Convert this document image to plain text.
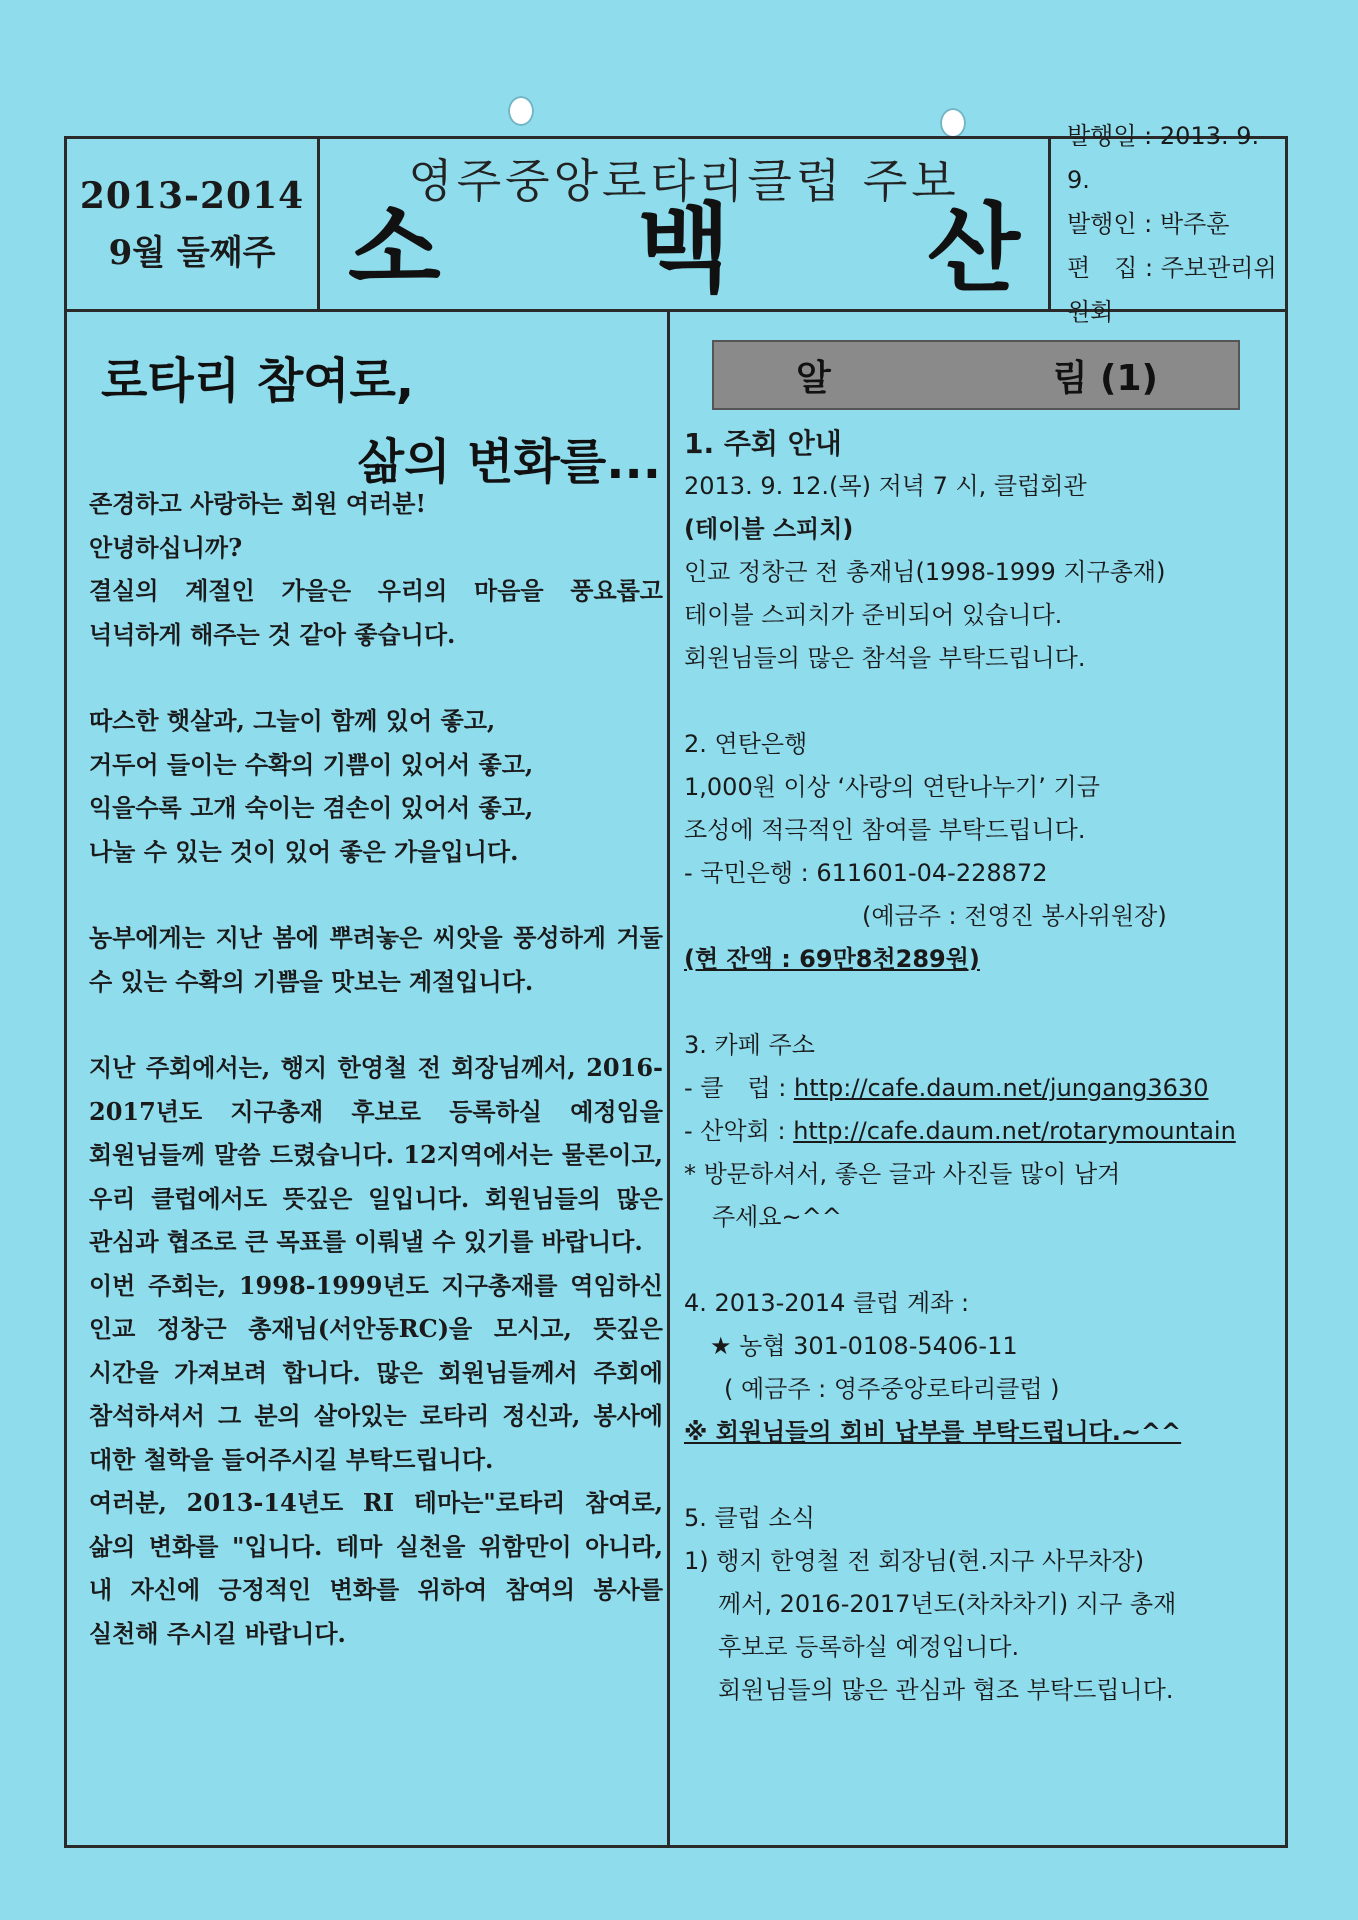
2013-2014
9월 둘째주
영주중앙로타리클럽 주보
소 백 산
발행일 : 2013. 9. 9.
발행인 : 박주훈
편　집 : 주보관리위원회
로타리 참여로,
삶의 변화를...

존경하고 사랑하는 회원 여러분!

안녕하십니까?

결실의 계절인 가을은 우리의 마음을 풍요롭고 넉넉하게 해주는 것 같아 좋습니다.

따스한 햇살과, 그늘이 함께 있어 좋고,

거두어 들이는 수확의 기쁨이 있어서 좋고,

익을수록 고개 숙이는 겸손이 있어서 좋고,

나눌 수 있는 것이 있어 좋은 가을입니다.

농부에게는 지난 봄에 뿌려놓은 씨앗을 풍성하게 거둘 수 있는 수확의 기쁨을 맛보는 계절입니다.

지난 주회에서는, 행지 한영철 전 회장님께서, 2016-2017년도 지구총재 후보로 등록하실 예정임을 회원님들께 말씀 드렸습니다. 12지역에서는 물론이고, 우리 클럽에서도 뜻깊은 일입니다. 회원님들의 많은 관심과 협조로 큰 목표를 이뤄낼 수 있기를 바랍니다.

이번 주회는, 1998-1999년도 지구총재를 역임하신 인교 정창근 총재님(서안동RC)을 모시고, 뜻깊은 시간을 가져보려 합니다. 많은 회원님들께서 주회에 참석하셔서 그 분의 살아있는 로타리 정신과, 봉사에 대한 철학을 들어주시길 부탁드립니다.

여러분, 2013-14년도 RI 테마는"로타리 참여로, 삶의 변화를 "입니다. 테마 실천을 위함만이 아니라, 내 자신에 긍정적인 변화를 위하여 참여의 봉사를 실천해 주시길 바랍니다.

알	림 (1)
1. 주회 안내
2013. 9. 12.(목) 저녁 7 시, 클럽회관
(테이블 스피치)
인교 정창근 전 총재님(1998-1999 지구총재)
테이블 스피치가 준비되어 있습니다.
회원님들의 많은 참석을 부탁드립니다.
2. 연탄은행
1,000원 이상 ‘사랑의 연탄나누기’ 기금
조성에 적극적인 참여를 부탁드립니다.
- 국민은행 : 611601-04-228872
(예금주 : 전영진 봉사위원장)
(현 잔액 : 69만8천289원)
3. 카페 주소
- 클　럽 : http://cafe.daum.net/jungang3630
- 산악회 : http://cafe.daum.net/rotarymountain
* 방문하셔서, 좋은 글과 사진들 많이 남겨
주세요~^^
4. 2013-2014 클럽 계좌 :
★ 농협 301-0108-5406-11
( 예금주 : 영주중앙로타리클럽 )
※ 회원님들의 회비 납부를 부탁드립니다.~^^
5. 클럽 소식
1) 행지 한영철 전 회장님(현.지구 사무차장)
께서, 2016-2017년도(차차차기) 지구 총재
후보로 등록하실 예정입니다.
회원님들의 많은 관심과 협조 부탁드립니다.
